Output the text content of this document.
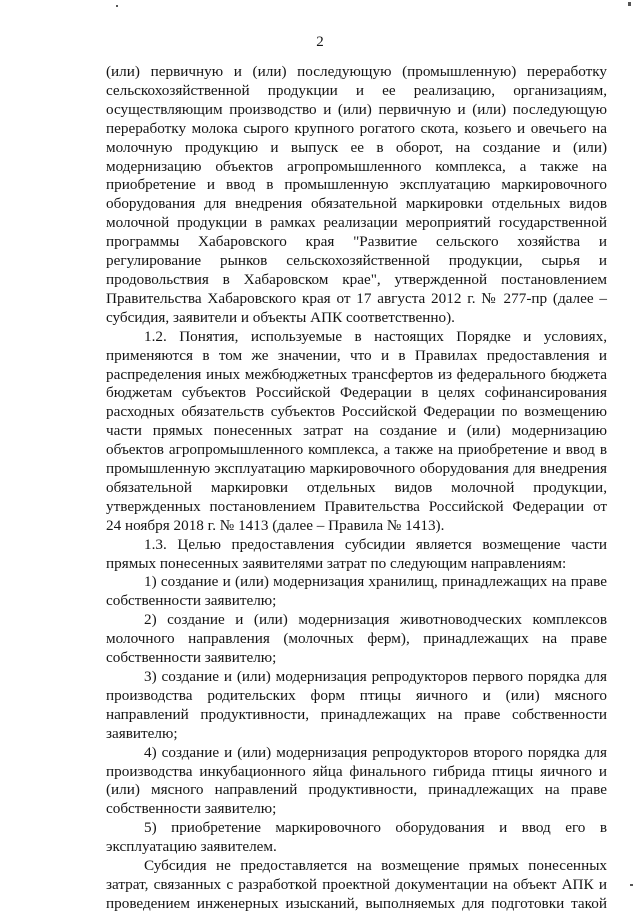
2

(или) первичную и (или) последующую (промышленную) переработку

сельскохозяйственной продукции и ее реализацию, организациям,

осуществляющим производство и (или) первичную и (или) последующую

переработку молока сырого крупного рогатого скота, козьего и овечьего на

молочную продукцию и выпуск ее в оборот, на создание и (или)

модернизацию объектов агропромышленного комплекса, а также на

приобретение и ввод в промышленную эксплуатацию маркировочного

оборудования для внедрения обязательной маркировки отдельных видов

молочной продукции в рамках реализации мероприятий государственной

программы Хабаровского края "Развитие сельского хозяйства и

регулирование рынков сельскохозяйственной продукции, сырья и

продовольствия в Хабаровском крае", утвержденной постановлением

Правительства Хабаровского края от 17 августа 2012 г. № 277-пр (далее –

субсидия, заявители и объекты АПК соответственно).

1.2. Понятия, используемые в настоящих Порядке и условиях,

применяются в том же значении, что и в Правилах предоставления и

распределения иных межбюджетных трансфертов из федерального бюджета

бюджетам субъектов Российской Федерации в целях софинансирования

расходных обязательств субъектов Российской Федерации по возмещению

части прямых понесенных затрат на создание и (или) модернизацию

объектов агропромышленного комплекса, а также на приобретение и ввод в

промышленную эксплуатацию маркировочного оборудования для внедрения

обязательной маркировки отдельных видов молочной продукции,

утвержденных постановлением Правительства Российской Федерации от

24 ноября 2018 г. № 1413 (далее – Правила № 1413).

1.3. Целью предоставления субсидии является возмещение части

прямых понесенных заявителями затрат по следующим направлениям:

1) создание и (или) модернизация хранилищ, принадлежащих на праве

собственности заявителю;

2) создание и (или) модернизация животноводческих комплексов

молочного направления (молочных ферм), принадлежащих на праве

собственности заявителю;

3) создание и (или) модернизация репродукторов первого порядка для

производства родительских форм птицы яичного и (или) мясного

направлений продуктивности, принадлежащих на праве собственности

заявителю;

4) создание и (или) модернизация репродукторов второго порядка для

производства инкубационного яйца финального гибрида птицы яичного и

(или) мясного направлений продуктивности, принадлежащих на праве

собственности заявителю;

5) приобретение маркировочного оборудования и ввод его в

эксплуатацию заявителем.

Субсидия не предоставляется на возмещение прямых понесенных

затрат, связанных с разработкой проектной документации на объект АПК и

проведением инженерных изысканий, выполняемых для подготовки такой
